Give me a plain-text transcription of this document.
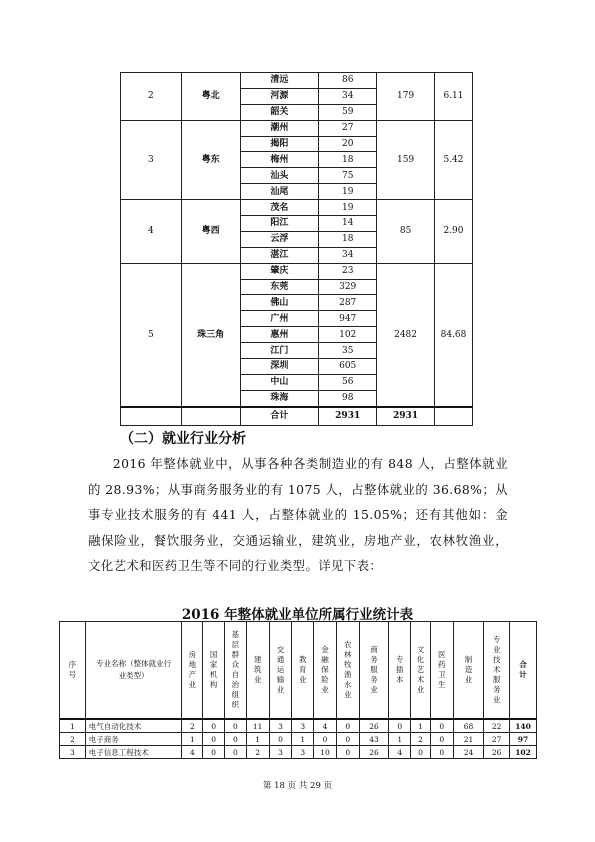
2	粤北	清远	86	179	6.11
		河源	34		
		韶关	59		
3	粤东	潮州	27	159	5.42
		揭阳	20		
		梅州	18		
		汕头	75		
		汕尾	19		
4	粤西	茂名	19	85	2.90
		阳江	14		
		云浮	18		
		湛江	34		
5	珠三角	肇庆	23	2482	84.68
		东莞	329		
		佛山	287		
		广州	947		
		惠州	102		
		江门	35		
		深圳	605		
		中山	56		
		珠海	98		
		合计	2931	2931	
（二）就业行业分析

2016 年整体就业中，从事各种各类制造业的有 848 人，占整体就业的 28.93%；从事商务服务业的有 1075 人，占整体就业的 36.68%；从事专业技术服务的有 441 人，占整体就业的 15.05%；还有其他如：金融保险业，餐饮服务业，交通运输业，建筑业，房地产业，农林牧渔业，文化艺术和医药卫生等不同的行业类型。详见下表：

2016 年整体就业单位所属行业统计表
序号	专业名称（整体就业行业类型）	房地产业	国家机构	基层群众自治组织	建筑业	交通运输业	教育业	金融保险业	农林牧渔水业	商务服务业	专插本	文化艺术业	医药卫生	制造业	专业技术服务业	合计
1	电气自动化技术	2	0	0	11	3	3	4	0	26	0	1	0	68	22	140
2	电子商务	1	0	0	1	0	1	0	0	43	1	2	0	21	27	97
3	电子信息工程技术	4	0	0	2	3	3	10	0	26	4	0	0	24	26	102
第 18 页 共 29 页
